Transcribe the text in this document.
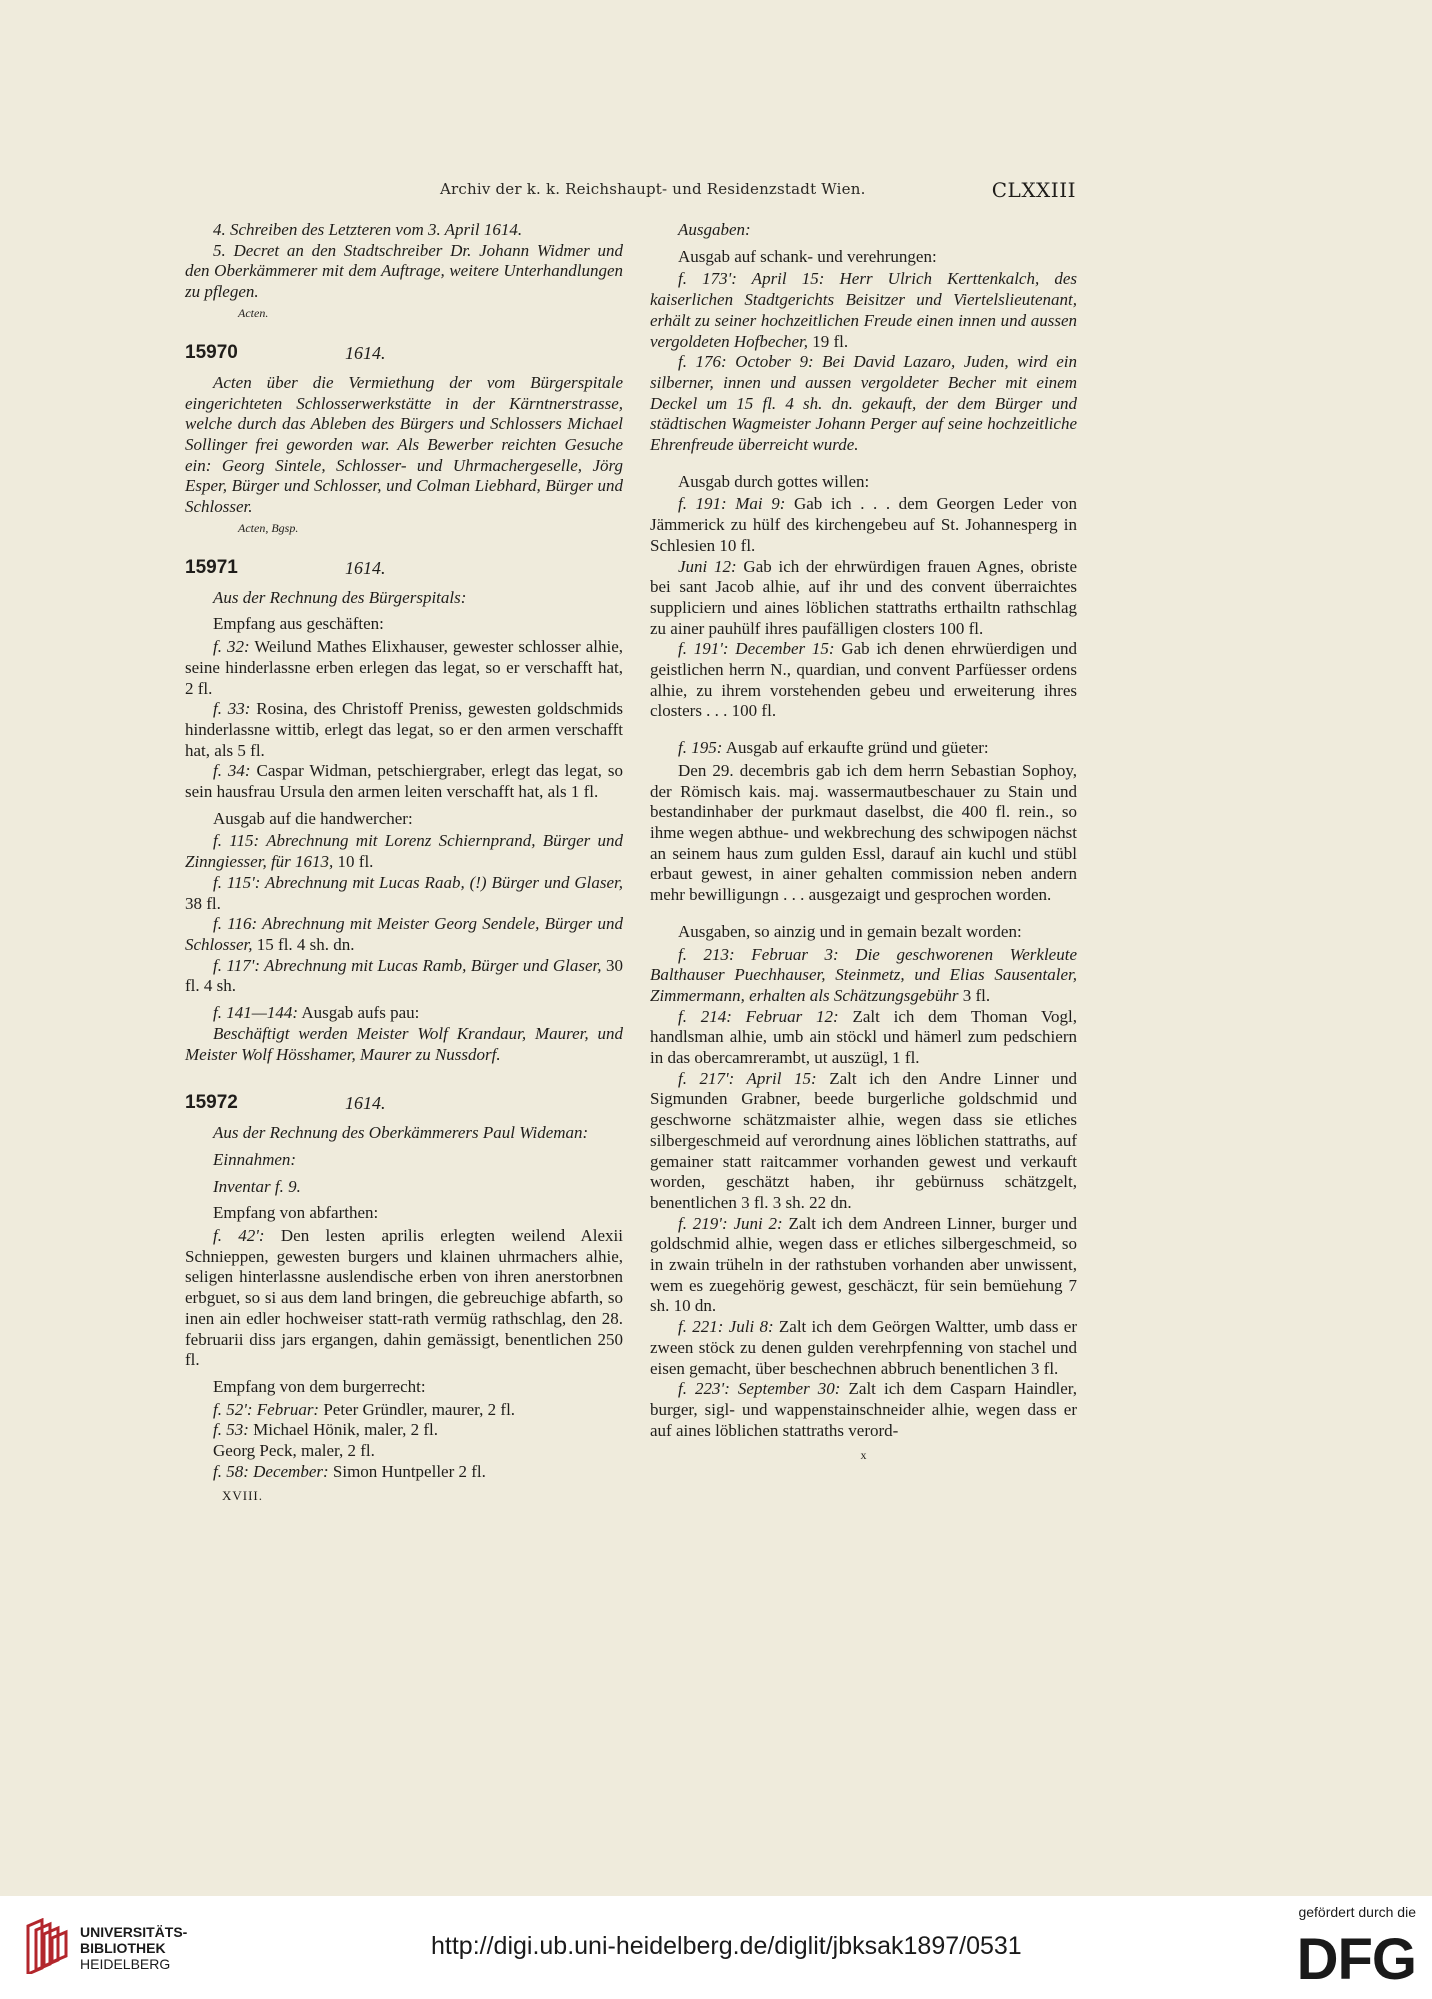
Archiv der k. k. Reichshaupt- und Residenzstadt Wien.	CLXXIII

4. Schreiben des Letzteren vom 3. April 1614.

5. Decret an den Stadtschreiber Dr. Johann Widmer und den Oberkämmerer mit dem Auftrage, weitere Unterhandlungen zu pflegen.

Acten.

15970	1614.

Acten über die Vermiethung der vom Bürgerspitale eingerichteten Schlosserwerkstätte in der Kärntnerstrasse, welche durch das Ableben des Bürgers und Schlossers Michael Sollinger frei geworden war. Als Bewerber reichten Gesuche ein: Georg Sintele, Schlosser- und Uhrmachergeselle, Jörg Esper, Bürger und Schlosser, und Colman Liebhard, Bürger und Schlosser.

Acten, Bgsp.

15971	1614.

Aus der Rechnung des Bürgerspitals:

Empfang aus geschäften:

f. 32: Weilund Mathes Elixhauser, gewester schlosser alhie, seine hinderlassne erben erlegen das legat, so er verschafft hat, 2 fl.

f. 33: Rosina, des Christoff Preniss, gewesten goldschmids hinderlassne wittib, erlegt das legat, so er den armen verschafft hat, als 5 fl.

f. 34: Caspar Widman, petschiergraber, erlegt das legat, so sein hausfrau Ursula den armen leiten verschafft hat, als 1 fl.

Ausgab auf die handwercher:

f. 115: Abrechnung mit Lorenz Schiernprand, Bürger und Zinngiesser, für 1613, 10 fl.

f. 115': Abrechnung mit Lucas Raab, (!) Bürger und Glaser, 38 fl.

f. 116: Abrechnung mit Meister Georg Sendele, Bürger und Schlosser, 15 fl. 4 sh. dn.

f. 117': Abrechnung mit Lucas Ramb, Bürger und Glaser, 30 fl. 4 sh.

f. 141—144: Ausgab aufs pau:

Beschäftigt werden Meister Wolf Krandaur, Maurer, und Meister Wolf Hösshamer, Maurer zu Nussdorf.

15972	1614.

Aus der Rechnung des Oberkämmerers Paul Wideman:

Einnahmen:

Inventar f. 9.

Empfang von abfarthen:

f. 42': Den lesten aprilis erlegten weilend Alexii Schnieppen, gewesten burgers und klainen uhrmachers alhie, seligen hinterlassne auslendische erben von ihren anerstorbnen erbguet, so si aus dem land bringen, die gebreuchige abfarth, so inen ain edler hochweiser statt-rath vermüg rathschlag, den 28. februarii diss jars ergangen, dahin gemässigt, benentlichen 250 fl.

Empfang von dem burgerrecht:

f. 52': Februar: Peter Gründler, maurer, 2 fl.

f. 53: Michael Hönik, maler, 2 fl.

Georg Peck, maler, 2 fl.

f. 58: December: Simon Huntpeller 2 fl.

XVIII.

Ausgaben:

Ausgab auf schank- und verehrungen:

f. 173': April 15: Herr Ulrich Kerttenkalch, des kaiserlichen Stadtgerichts Beisitzer und Viertelslieutenant, erhält zu seiner hochzeitlichen Freude einen innen und aussen vergoldeten Hofbecher, 19 fl.

f. 176: October 9: Bei David Lazaro, Juden, wird ein silberner, innen und aussen vergoldeter Becher mit einem Deckel um 15 fl. 4 sh. dn. gekauft, der dem Bürger und städtischen Wagmeister Johann Perger auf seine hochzeitliche Ehrenfreude überreicht wurde.

Ausgab durch gottes willen:

f. 191: Mai 9: Gab ich . . . dem Georgen Leder von Jämmerick zu hülf des kirchengebeu auf St. Johannesperg in Schlesien 10 fl.

Juni 12: Gab ich der ehrwürdigen frauen Agnes, obriste bei sant Jacob alhie, auf ihr und des convent überraichtes suppliciern und aines löblichen stattraths erthailtn rathschlag zu ainer pauhülf ihres paufälligen closters 100 fl.

f. 191': December 15: Gab ich denen ehrwüerdigen und geistlichen herrn N., quardian, und convent Parfüesser ordens alhie, zu ihrem vorstehenden gebeu und erweiterung ihres closters . . . 100 fl.

f. 195: Ausgab auf erkaufte gründ und güeter:

Den 29. decembris gab ich dem herrn Sebastian Sophoy, der Römisch kais. maj. wassermautbeschauer zu Stain und bestandinhaber der purkmaut daselbst, die 400 fl. rein., so ihme wegen abthue- und wekbrechung des schwipogen nächst an seinem haus zum gulden Essl, darauf ain kuchl und stübl erbaut gewest, in ainer gehalten commission neben andern mehr bewilligungn . . . ausgezaigt und gesprochen worden.

Ausgaben, so ainzig und in gemain bezalt worden:

f. 213: Februar 3: Die geschworenen Werkleute Balthauser Puechhauser, Steinmetz, und Elias Sausentaler, Zimmermann, erhalten als Schätzungsgebühr 3 fl.

f. 214: Februar 12: Zalt ich dem Thoman Vogl, handlsman alhie, umb ain stöckl und hämerl zum pedschiern in das obercamrerambt, ut auszügl, 1 fl.

f. 217': April 15: Zalt ich den Andre Linner und Sigmunden Grabner, beede burgerliche goldschmid und geschworne schätzmaister alhie, wegen dass sie etliches silbergeschmeid auf verordnung aines löblichen stattraths, auf gemainer statt raitcammer vorhanden gewest und verkauft worden, geschätzt haben, ihr gebürnuss schätzgelt, benentlichen 3 fl. 3 sh. 22 dn.

f. 219': Juni 2: Zalt ich dem Andreen Linner, burger und goldschmid alhie, wegen dass er etliches silbergeschmeid, so in zwain trüheln in der rathstuben vorhanden aber unwissent, wem es zuegehörig gewest, geschäczt, für sein bemüehung 7 sh. 10 dn.

f. 221: Juli 8: Zalt ich dem Geörgen Waltter, umb dass er zween stöck zu denen gulden verehrpfenning von stachel und eisen gemacht, über beschechnen abbruch benentlichen 3 fl.

f. 223': September 30: Zalt ich dem Casparn Haindler, burger, sigl- und wappenstainschneider alhie, wegen dass er auf aines löblichen stattraths verord-

x

UNIVERSITÄTS-
BIBLIOTHEK
HEIDELBERG
http://digi.ub.uni-heidelberg.de/diglit/jbksak1897/0531
gefördert durch die
DFG
